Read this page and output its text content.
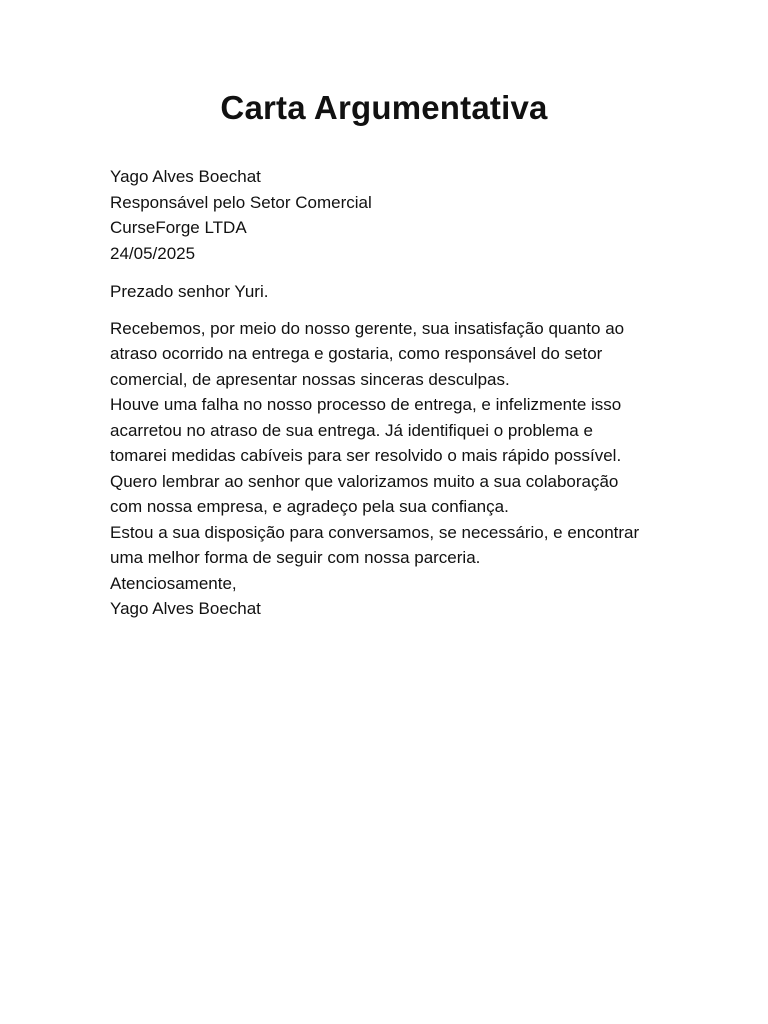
Carta Argumentativa
Yago Alves Boechat
Responsável pelo Setor Comercial
CurseForge LTDA
24/05/2025
Prezado senhor Yuri.
Recebemos, por meio do nosso gerente, sua insatisfação quanto ao
atraso ocorrido na entrega e gostaria, como responsável do setor
comercial, de apresentar nossas sinceras desculpas.
Houve uma falha no nosso processo de entrega, e infelizmente isso
acarretou no atraso de sua entrega. Já identifiquei o problema e
tomarei medidas cabíveis para ser resolvido o mais rápido possível.
Quero lembrar ao senhor que valorizamos muito a sua colaboração
com nossa empresa, e agradeço pela sua confiança.
Estou a sua disposição para conversamos, se necessário, e encontrar
uma melhor forma de seguir com nossa parceria.
Atenciosamente,
Yago Alves Boechat
